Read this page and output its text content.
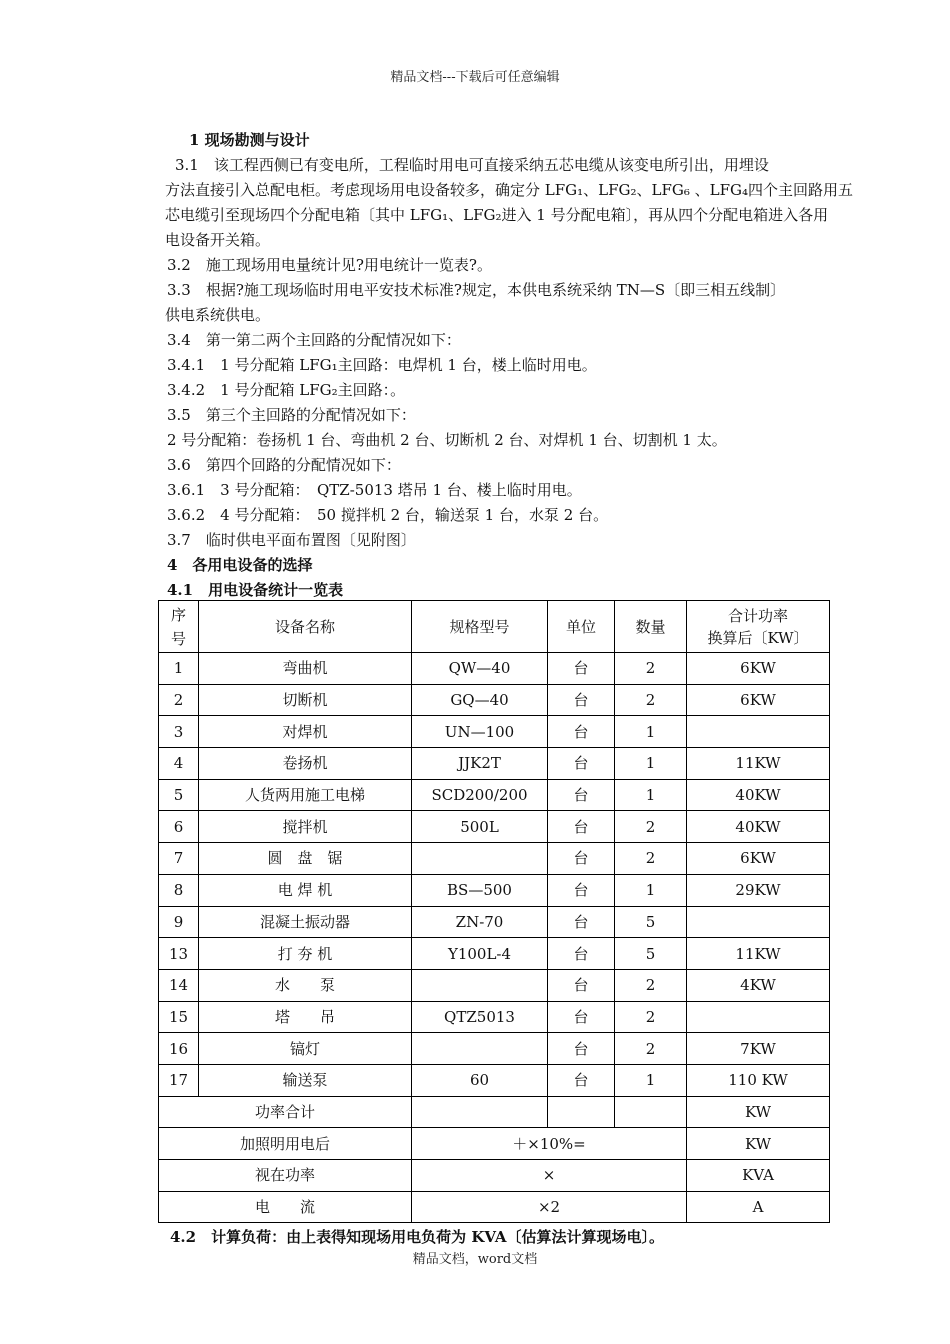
精品文档---下载后可任意编辑
1 现场勘测与设计
3.1　该工程西侧已有变电所，工程临时用电可直接采纳五芯电缆从该变电所引出，用埋设
方法直接引入总配电柜。考虑现场用电设备较多，确定分 LFG₁、LFG₂、LFG₆ 、LFG₄四个主回路用五
芯电缆引至现场四个分配电箱〔其中 LFG₁、LFG₂进入 1 号分配电箱〕，再从四个分配电箱进入各用
电设备开关箱。
3.2　施工现场用电量统计见?用电统计一览表?。
3.3　根据?施工现场临时用电平安技术标准?规定，本供电系统采纳 TN—S〔即三相五线制〕
供电系统供电。
3.4　第一第二两个主回路的分配情况如下：
3.4.1　1 号分配箱 LFG₁主回路：电焊机 1 台，楼上临时用电。
3.4.2　1 号分配箱 LFG₂主回路：。
3.5　第三个主回路的分配情况如下：
2 号分配箱：卷扬机 1 台、弯曲机 2 台、切断机 2 台、对焊机 1 台、切割机 1 太。
3.6　第四个回路的分配情况如下：
3.6.1　3 号分配箱：　QTZ-5013 塔吊 1 台、楼上临时用电。
3.6.2　4 号分配箱：　50 搅拌机 2 台，输送泵 1 台，水泵 2 台。
3.7　临时供电平面布置图〔见附图〕
4　各用电设备的选择
4.1　用电设备统计一览表
序号	设备名称	规格型号	单位	数量	合计功率
换算后〔KW〕

1	弯曲机	QW—40	台	2	6KW
2	切断机	GQ—40	台	2	6KW
3	对焊机	UN—100	台	1	
4	卷扬机	JJK2T	台	1	11KW
5	人货两用施工电梯	SCD200/200	台	1	40KW
6	搅拌机	500L	台	2	40KW
7	圆　盘　锯		台	2	6KW
8	电 焊 机	BS—500	台	1	29KW
9	混凝土振动器	ZN-70	台	5	
13	打 夯 机	Y100L-4	台	5	11KW
14	水　　泵		台	2	4KW
15	塔　　吊	QTZ5013	台	2	
16	镐灯		台	2	7KW
17	输送泵	60	台	1	110 KW
功率合计					KW
加照明用电后		＋×10%=			KW
视在功率		×			KVA
电　　流		×2			A
4.2　计算负荷：由上表得知现场用电负荷为 KVA〔估算法计算现场电〕。
精品文档，word文档
